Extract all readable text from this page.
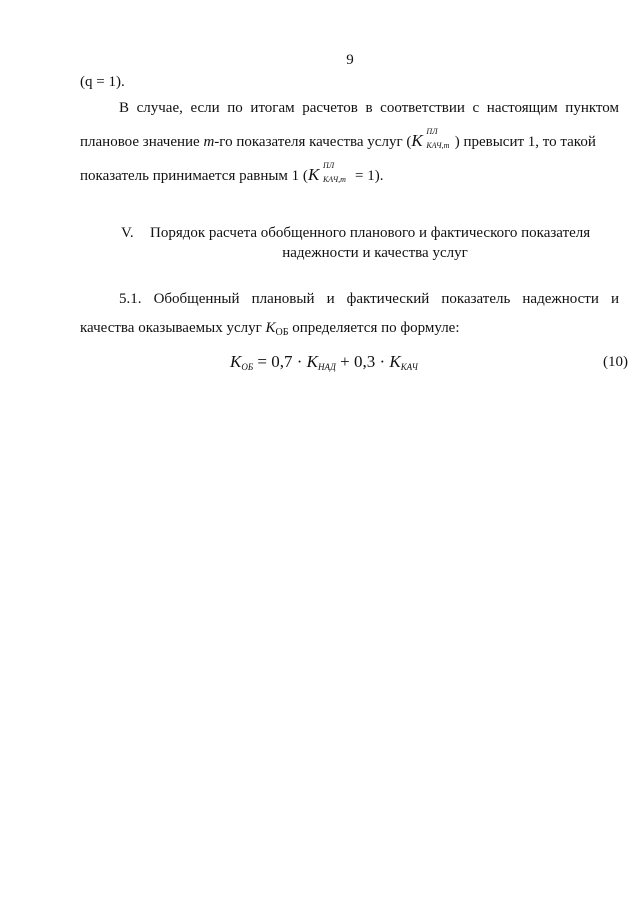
9
(q = 1).
В случае, если по итогам расчетов в соответствии с настоящим пунктом
плановое значение m-го показателя качества услуг (K ПЛ
КАЧ,m ) превысит 1, то такой
показатель принимается равным 1 (K ПЛ
КАЧ,m = 1).
V. Порядок расчета обобщенного планового и фактического показателя
надежности и качества услуг
5.1. Обобщенный плановый и фактический показатель надежности и
качества оказываемых услуг $K_{ОБ}$ определяется по формуле:
$K_{ОБ} = 0,7 \cdot K_{НАД} + 0,3 \cdot K_{КАЧ}$	(10)
